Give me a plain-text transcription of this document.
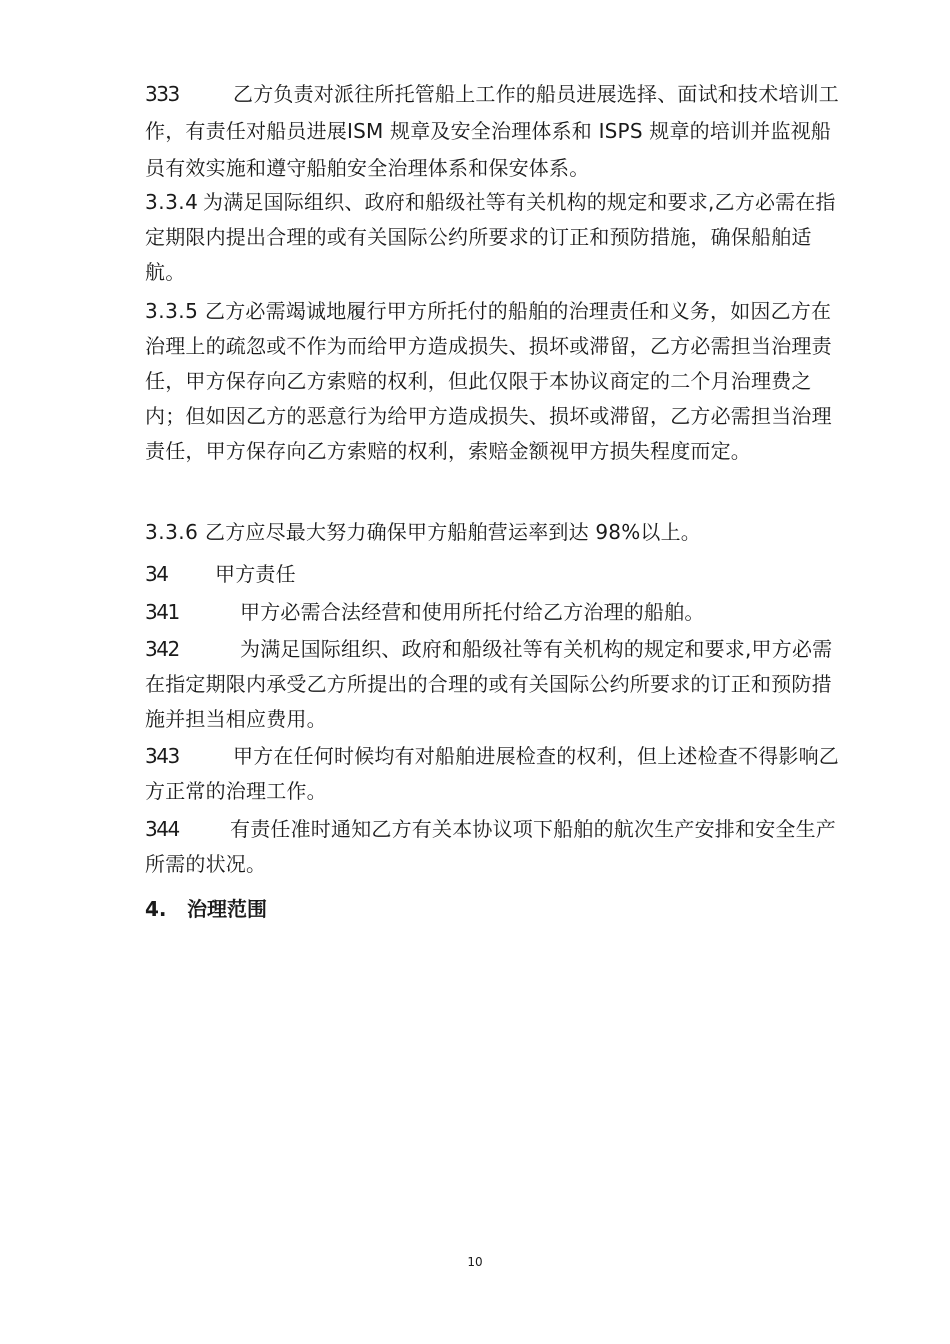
333	乙方负责对派往所托管船上工作的船员进展选择、面试和技术培训工作，有责任对船员进展ISM 规章及安全治理体系和 ISPS 规章的培训并监视船员有效实施和遵守船舶安全治理体系和保安体系。
3.3.4 为满足国际组织、政府和船级社等有关机构的规定和要求,乙方必需在指定期限内提出合理的或有关国际公约所要求的订正和预防措施，确保船舶适航。
3.3.5 乙方必需竭诚地履行甲方所托付的船舶的治理责任和义务，如因乙方在治理上的疏忽或不作为而给甲方造成损失、损坏或滞留，乙方必需担当治理责任，甲方保存向乙方索赔的权利，但此仅限于本协议商定的二个月治理费之内；但如因乙方的恶意行为给甲方造成损失、损坏或滞留，乙方必需担当治理责任，甲方保存向乙方索赔的权利，索赔金额视甲方损失程度而定。
3.3.6 乙方应尽最大努力确保甲方船舶营运率到达 98%以上。
34 甲方责任
341	甲方必需合法经营和使用所托付给乙方治理的船舶。
342	为满足国际组织、政府和船级社等有关机构的规定和要求,甲方必需在指定期限内承受乙方所提出的合理的或有关国际公约所要求的订正和预防措施并担当相应费用。
343	甲方在任何时候均有对船舶进展检查的权利，但上述检查不得影响乙方正常的治理工作。
344	有责任准时通知乙方有关本协议项下船舶的航次生产安排和安全生产所需的状况。
4. 治理范围
10
